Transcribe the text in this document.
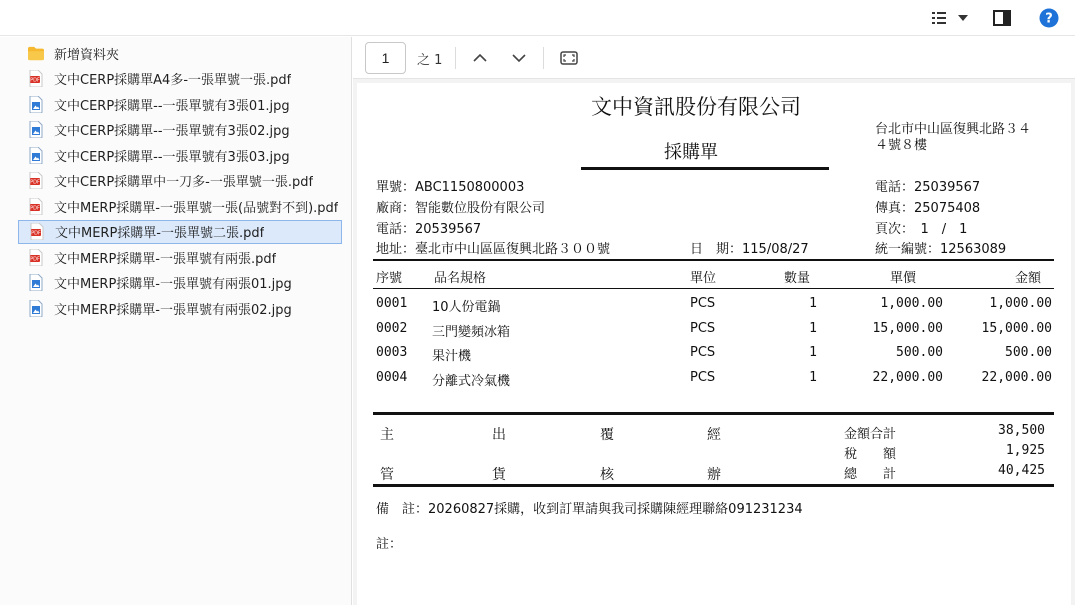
?
新增資料夾
PDF 文中CERP採購單A4多-一張單號一張.pdf
文中CERP採購單--一張單號有3張01.jpg
文中CERP採購單--一張單號有3張02.jpg
文中CERP採購單--一張單號有3張03.jpg
PDF 文中CERP採購單中一刀多-一張單號一張.pdf
PDF 文中MERP採購單-一張單號一張(品號對不到).pdf
PDF 文中MERP採購單-一張單號二張.pdf
PDF 文中MERP採購單-一張單號有兩張.pdf
文中MERP採購單-一張單號有兩張01.jpg
文中MERP採購單-一張單號有兩張02.jpg
1	之 1
文中資訊股份有限公司
台北市中山區復興北路３４
４號８樓
採購單
單號：ABC1150800003
廠商：智能數位股份有限公司
電話：20539567
地址：臺北市中山區區復興北路３００號	日　期：115/08/27
電話：25039567
傳真：25075408
頁次：　1　/　1
統一編號：12563089
序號 品名規格	單位	數量	單價	金額
0001 10人份電鍋	PCS	1	1,000.00	1,000.00
0002 三門變頻冰箱	PCS	1	15,000.00	15,000.00
0003 果汁機	PCS	1	500.00	500.00
0004 分離式冷氣機	PCS	1	22,000.00	22,000.00
主	出	覆	經
管	貨	核	辦
金額合計	38,500
稅　　額	1,925
總　　計	40,425
備　註：20260827採購，收到訂單請與我司採購陳經理聯絡091231234
註：
